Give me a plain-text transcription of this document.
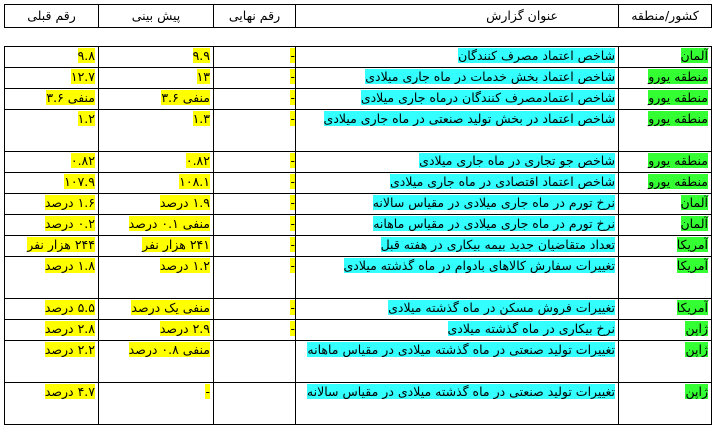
کشور/منطقه	عنوان گزارش	رقم نهایی	پیش بینی	رقم قبلی
آلمان	شاخص اعتماد مصرف کنندگان	-	۹.۹	۹.۸
منطقه یورو	شاخص اعتماد بخش خدمات در ماه جاری میلادی	-	۱۳	۱۲.۷
منطقه یورو	شاخص اعتمادمصرف کنندگان درماه جاری میلادی	-	منفی ۳.۶	منفی ۳.۶
منطقه یورو	شاخص اعتماد در بخش تولید صنعتی در ماه جاری میلادی	-	۱.۳	۱.۲
منطقه یورو	شاخص جو تجاری در ماه جاری میلادی	-	۰.۸۲	۰.۸۲
منطقه یورو	شاخص اعتماد اقتصادی در ماه جاری میلادی	-	۱۰۸.۱	۱۰۷.۹
آلمان	نرخ تورم در ماه جاری میلادی در مقیاس سالانه	-	۱.۹ درصد	۱.۶ درصد
آلمان	نرخ تورم در ماه جاری میلادی در مقیاس ماهانه	-	منفی ۰.۱ درصد	۰.۲ درصد
آمریکا	تعداد متقاضیان جدید بیمه بیکاری در هفته قبل	-	۲۴۱ هزار نفر	۲۴۴ هزار نفر
آمریکا	تغییرات سفارش کالاهای بادوام در ماه گذشته میلادی	-	۱.۲ درصد	۱.۸ درصد
آمریکا	تغییرات فروش مسکن در ماه گذشته میلادی	-	منفی یک درصد	۵.۵ درصد
ژاپن	نرخ بیکاری در ماه گذشته میلادی	-	۲.۹ درصد	۲.۸ درصد
ژاپن	تغییرات تولید صنعتی در ماه گذشته میلادی در مقیاس ماهانه		منفی ۰.۸ درصد	۲.۲ درصد
ژاپن	تغییرات تولید صنعتی در ماه گذشته میلادی در مقیاس سالانه		-	۴.۷ درصد
